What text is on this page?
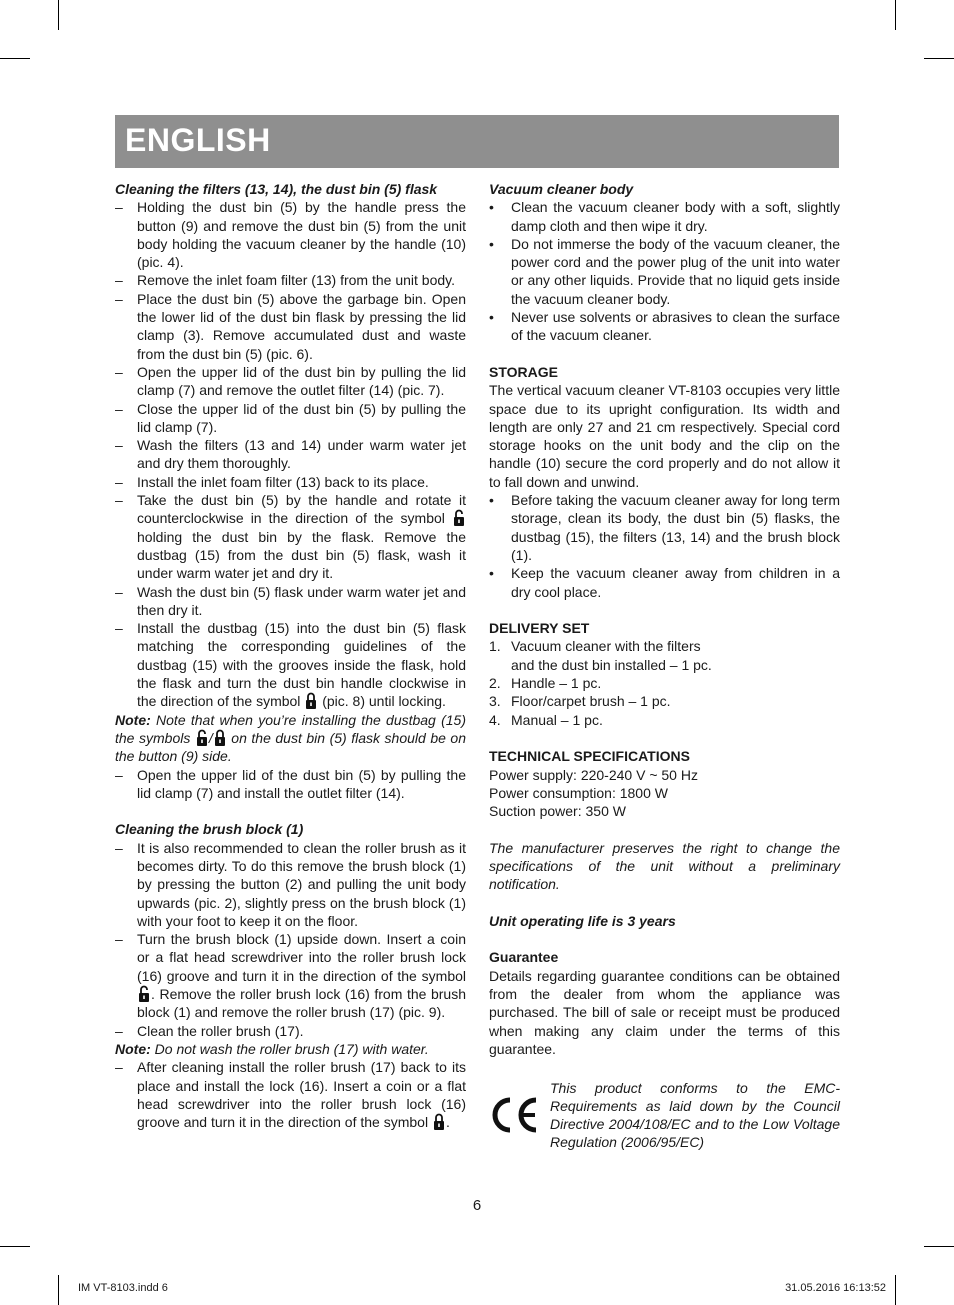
ENGLISH

Cleaning the filters (13, 14), the dust bin (5) flask

– Holding the dust bin (5) by the handle press the button (9) and remove the dust bin (5) from the unit body holding the vacuum cleaner by the handle (10) (pic. 4).
– Remove the inlet foam filter (13) from the unit body.
– Place the dust bin (5) above the garbage bin. Open the lower lid of the dust bin flask by pressing the lid clamp (3). Remove accumulated dust and waste from the dust bin (5) (pic. 6).
– Open the upper lid of the dust bin by pulling the lid clamp (7) and remove the outlet filter (14) (pic. 7).
– Close the upper lid of the dust bin (5) by pulling the lid clamp (7).
– Wash the filters (13 and 14) under warm water jet and dry them thoroughly.
– Install the inlet foam filter (13) back to its place.
– Take the dust bin (5) by the handle and rotate it counterclockwise in the direction of the symbol  holding the dust bin by the flask. Remove the dustbag (15) from the dust bin (5) flask, wash it under warm water jet and dry it.
– Wash the dust bin (5) flask under warm water jet and then dry it.
– Install the dustbag (15) into the dust bin (5) flask matching the corresponding guidelines of the dustbag (15) with the grooves inside the flask, hold the flask and turn the dust bin handle clockwise in the direction of the symbol  (pic. 8) until locking.

Note: Note that when you’re installing the dustbag (15) the symbols / on the dust bin (5) flask should be on the button (9) side.

– Open the upper lid of the dust bin (5) by pulling the lid clamp (7) and install the outlet filter (14).

Cleaning the brush block (1)

– It is also recommended to clean the roller brush as it becomes dirty. To do this remove the brush block (1) by pressing the button (2) and pulling the unit body upwards (pic. 2), slightly press on the brush block (1) with your foot to keep it on the floor.
– Turn the brush block (1) upside down. Insert a coin or a flat head screwdriver into the roller brush lock (16) groove and turn it in the direction of the symbol . Remove the roller brush lock (16) from the brush block (1) and remove the roller brush (17) (pic. 9).
– Clean the roller brush (17).

Note: Do not wash the roller brush (17) with water.

– After cleaning install the roller brush (17) back to its place and install the lock (16). Insert a coin or a flat head screwdriver into the roller brush lock (16) groove and turn it in the direction of the symbol .

Vacuum cleaner body

• Clean the vacuum cleaner body with a soft, slightly damp cloth and then wipe it dry.
• Do not immerse the body of the vacuum cleaner, the power cord and the power plug of the unit into water or any other liquids. Provide that no liquid gets inside the vacuum cleaner body.
• Never use solvents or abrasives to clean the surface of the vacuum cleaner.

STORAGE

The vertical vacuum cleaner VT-8103 occupies very little space due to its upright configuration. Its width and length are only 27 and 21 cm respectively. Special cord storage hooks on the unit body and the clip on the handle (10) secure the cord properly and do not allow it to fall down and unwind.

• Before taking the vacuum cleaner away for long term storage, clean its body, the dust bin (5) flasks, the dustbag (15), the filters (13, 14) and the brush block (1).
• Keep the vacuum cleaner away from children in a dry cool place.

DELIVERY SET

1. Vacuum cleaner with the filters
and the dust bin installed – 1 pc.
2. Handle – 1 pc.
3. Floor/carpet brush – 1 pc.
4. Manual – 1 pc.

TECHNICAL SPECIFICATIONS

Power supply: 220-240 V ~ 50 Hz

Power consumption: 1800 W

Suction power: 350 W

The manufacturer preserves the right to change the specifications of the unit without a preliminary notification.

Unit operating life is 3 years

Guarantee

Details regarding guarantee conditions can be obtained from the dealer from whom the appliance was purchased. The bill of sale or receipt must be produced when making any claim under the terms of this guarantee.

This product conforms to the EMC-Requirements as laid down by the Council Directive 2004/108/EC and to the Low Voltage Regulation (2006/95/EC)
6
IM VT-8103.indd 6	31.05.2016 16:13:52
